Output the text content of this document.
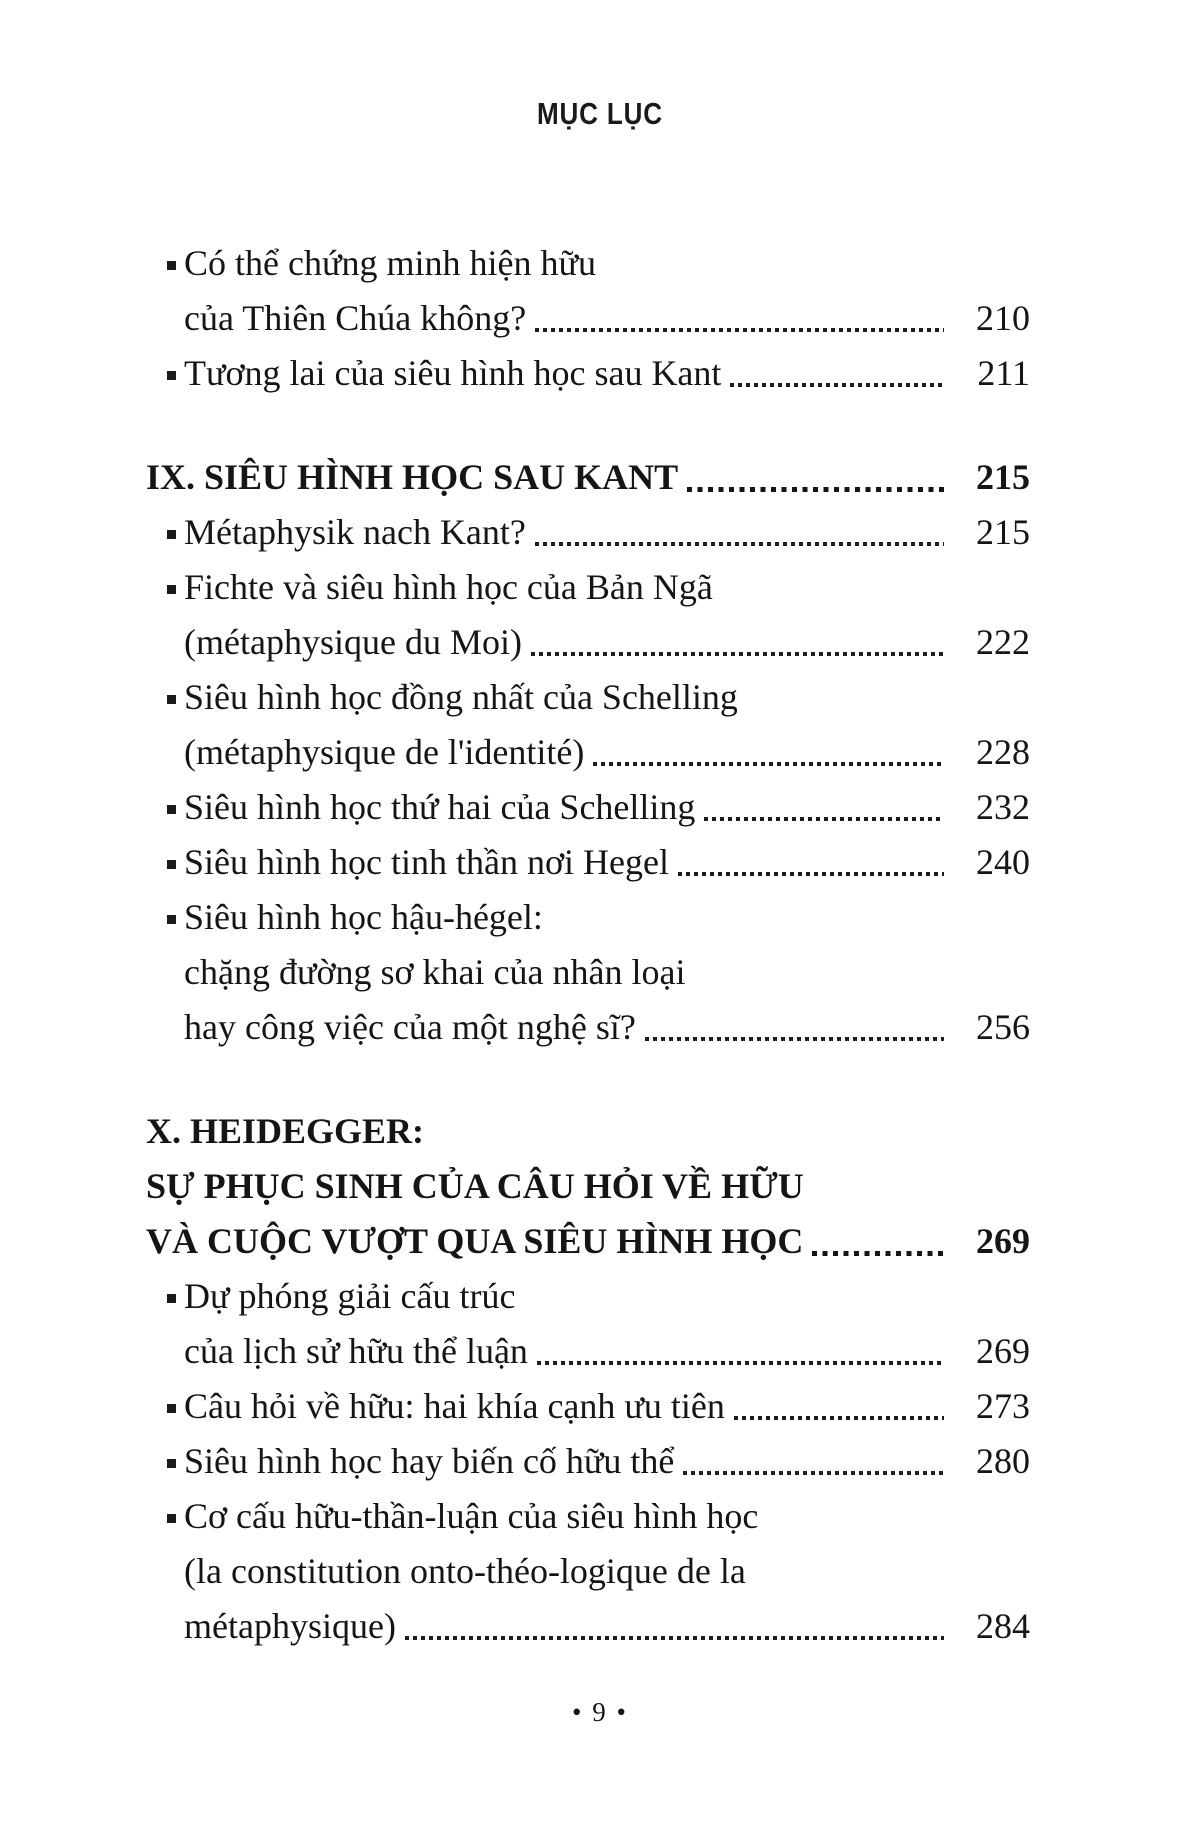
MỤC LỤC
Có thể chứng minh hiện hữu
của Thiên Chúa không?	210
Tương lai của siêu hình học sau Kant	211
IX. SIÊU HÌNH HỌC SAU KANT	215
Métaphysik nach Kant?	215
Fichte và siêu hình học của Bản Ngã
(métaphysique du Moi)	222
Siêu hình học đồng nhất của Schelling
(métaphysique de l'identité)	228
Siêu hình học thứ hai của Schelling	232
Siêu hình học tinh thần nơi Hegel	240
Siêu hình học hậu-hégel:
chặng đường sơ khai của nhân loại
hay công việc của một nghệ sĩ?	256
X. HEIDEGGER:
SỰ PHỤC SINH CỦA CÂU HỎI VỀ HỮU
VÀ CUỘC VƯỢT QUA SIÊU HÌNH HỌC	269
Dự phóng giải cấu trúc
của lịch sử hữu thể luận	269
Câu hỏi về hữu: hai khía cạnh ưu tiên	273
Siêu hình học hay biến cố hữu thể	280
Cơ cấu hữu-thần-luận của siêu hình học
(la constitution onto-théo-logique de la
métaphysique)	284
• 9 •
